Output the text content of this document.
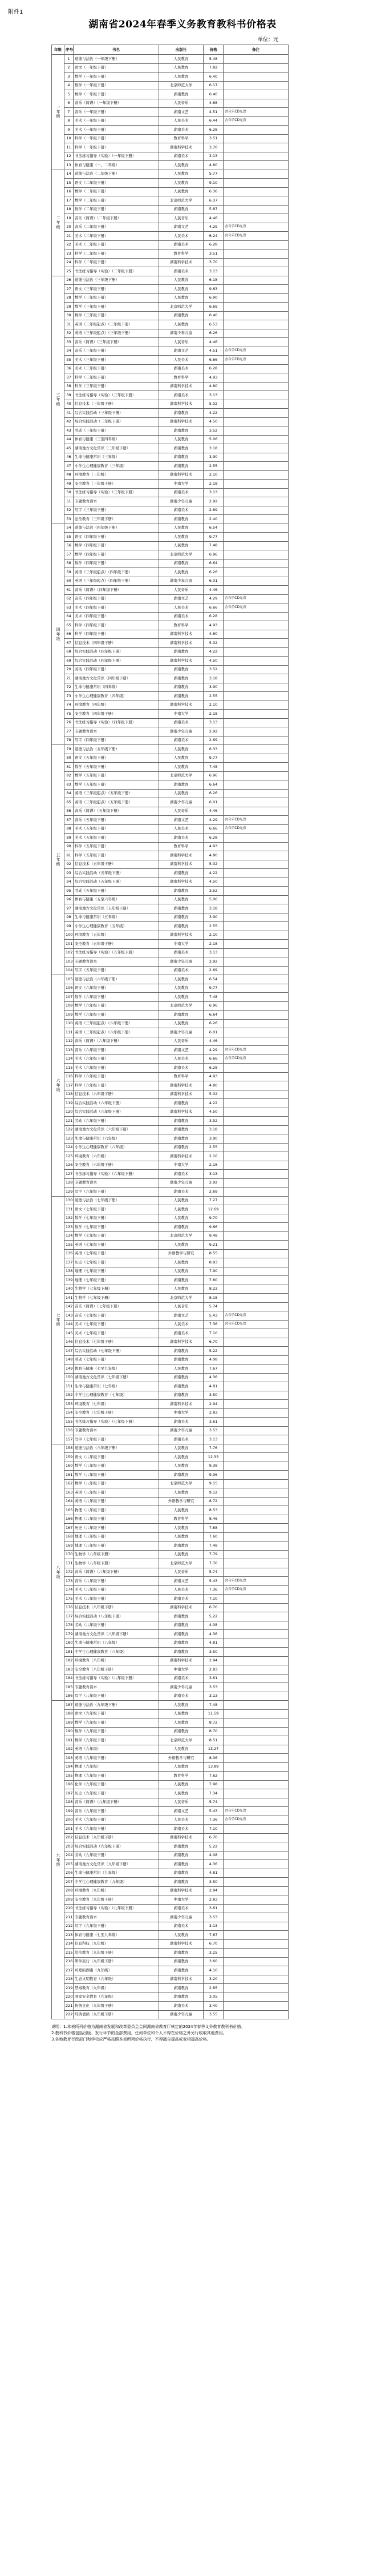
附件1
湖南省2024年春季义务教育教科书价格表
单位：元
年级	序号	书名	出版社	价格	备注
一年级	1	道德与法治（一年级下册）	人民教育	5.48	
	2	语文（一年级下册）	人民教育	7.82	
	3	数学（一年级下册）	人民教育	6.40	
	4	数学（一年级下册）	北京师范大学	6.17	
	5	数学（一年级下册）	湖南教育	6.40	
	6	音乐（简谱）（一年级下册）	人民音乐	4.68	
	7	音乐（一年级下册）	湖南文艺	4.51	含音乐CD光盘
	8	美术（一年级下册）	人民美术	6.44	含音乐CD光盘
	9	美术（一年级下册）	湖南美术	6.28	
	10	科学（一年级下册）	教育科学	3.51	
	11	科学（一年级下册）	湖南科学技术	3.70	
	12	书法练习指导（实验）（一年级下册）	湖南美术	3.13	
	13	体育与健康（一、二年级）	人民教育	4.60	
二年级	14	道德与法治（二年级下册）	人民教育	5.77	
	15	语文（二年级下册）	人民教育	9.10	
	16	数学（二年级下册）	人民教育	6.36	
	17	数学（二年级下册）	北京师范大学	6.37	
	18	数学（二年级下册）	湖南教育	5.87	
	19	音乐（简谱）（二年级下册）	人民音乐	4.46	
	20	音乐（二年级下册）	湖南文艺	4.29	含音乐CD光盘
	21	美术（二年级下册）	人民美术	6.24	含音乐CD光盘
	22	美术（二年级下册）	湖南美术	6.28	
	23	科学（二年级下册）	教育科学	3.51	
	24	科学（二年级下册）	湖南科学技术	3.70	
	25	书法练习指导（实验）（二年级下册）	湖南美术	3.13	
三年级	26	道德与法治（三年级下册）	人民教育	6.18	
	27	语文（三年级下册）	人民教育	9.63	
	28	数学（三年级下册）	人民教育	6.90	
	29	数学（三年级下册）	北京师范大学	6.69	
	30	数学（三年级下册）	湖南教育	6.40	
	31	英语（三年级起点）（三年级下册）	人民教育	6.53	
	32	英语（三年级起点）（三年级下册）	湖南少年儿童	6.26	
	33	音乐（简谱）（三年级下册）	人民音乐	4.46	
	34	音乐（三年级下册）	湖南文艺	4.51	含音乐CD光盘
	35	美术（三年级下册）	人民美术	6.66	含音乐CD光盘
	36	美术（三年级下册）	湖南美术	6.28	
	37	科学（三年级下册）	教育科学	4.93	
	38	科学（三年级下册）	湖南科学技术	4.80	
	39	书法练习指导（实验）（三年级下册）	湖南美术	3.13	
	40	信息技术（三年级下册）	湖南科学技术	5.02	
	41	综合实践活动（三年级下册）	湖南教育	4.22	
	42	综合实践活动（三年级下册）	湖南科学技术	4.50	
	43	劳动（三年级下册）	湖南教育	3.52	
	44	体育与健康（三至四年级）	人民教育	5.06	
	45	湖南地方文化常识（三年级下册）	湖南教育	3.18	
	46	生命与健康常识（三年级）	湖南教育	3.90	
	47	小学生心理健康教育（三年级）	湖南教育	2.55	
	48	环境教育（三年级）	湖南科学技术	2.10	
	49	安全教育（三年级下册）	中南大学	2.18	
	50	书法练习指导（实验）（三年级下册）	湖南美术	3.13	
	51	专题教育读本	湖南少年儿童	2.92	
	52	写字（三年级下册）	湖南美术	2.69	
	53	法治教育（三年级下册）	湖南教育	2.40	
四年级	54	道德与法治（四年级下册）	人民教育	6.54	
	55	语文（四年级下册）	人民教育	9.77	
	56	数学（四年级下册）	人民教育	7.48	
	57	数学（四年级下册）	北京师范大学	6.96	
	58	数学（四年级下册）	湖南教育	6.64	
	59	英语（三年级起点）（四年级下册）	人民教育	6.26	
	60	英语（三年级起点）（四年级下册）	湖南少年儿童	6.01	
	61	音乐（简谱）（四年级下册）	人民音乐	4.46	
	62	音乐（四年级下册）	湖南文艺	4.29	含音乐CD光盘
	63	美术（四年级下册）	人民美术	6.66	含音乐CD光盘
	64	美术（四年级下册）	湖南美术	6.28	
	65	科学（四年级下册）	教育科学	4.93	
	66	科学（四年级下册）	湖南科学技术	4.80	
	67	信息技术（四年级下册）	湖南科学技术	5.02	
	68	综合实践活动（四年级下册）	湖南教育	4.22	
	69	综合实践活动（四年级下册）	湖南科学技术	4.50	
	70	劳动（四年级下册）	湖南教育	3.52	
	71	湖南地方文化常识（四年级下册）	湖南教育	3.18	
	72	生命与健康常识（四年级）	湖南教育	3.90	
	73	小学生心理健康教育（四年级）	湖南教育	2.55	
	74	环境教育（四年级）	湖南科学技术	2.10	
	75	安全教育（四年级下册）	中南大学	2.18	
	76	书法练习指导（实验）（四年级下册）	湖南美术	3.13	
	77	专题教育读本	湖南少年儿童	2.92	
	78	写字（四年级下册）	湖南美术	2.69	
五年级	79	道德与法治（五年级下册）	人民教育	6.33	
	80	语文（五年级下册）	人民教育	9.77	
	81	数学（五年级下册）	人民教育	7.48	
	82	数学（五年级下册）	北京师范大学	6.96	
	83	数学（五年级下册）	湖南教育	6.64	
	84	英语（三年级起点）（五年级下册）	人民教育	6.26	
	85	英语（三年级起点）（五年级下册）	湖南少年儿童	6.01	
	86	音乐（简谱）（五年级下册）	人民音乐	4.46	
	87	音乐（五年级下册）	湖南文艺	4.29	含音乐CD光盘
	88	美术（五年级下册）	人民美术	6.66	含音乐CD光盘
	89	美术（五年级下册）	湖南美术	6.28	
	90	科学（五年级下册）	教育科学	4.93	
	91	科学（五年级下册）	湖南科学技术	4.80	
	92	信息技术（五年级下册）	湖南科学技术	5.02	
	93	综合实践活动（五年级下册）	湖南教育	4.22	
	94	综合实践活动（五年级下册）	湖南科学技术	4.50	
	95	劳动（五年级下册）	湖南教育	3.52	
	96	体育与健康（五至六年级）	人民教育	5.06	
	97	湖南地方文化常识（五年级下册）	湖南教育	3.18	
	98	生命与健康常识（五年级）	湖南教育	3.90	
	99	小学生心理健康教育（五年级）	湖南教育	2.55	
	100	环境教育（五年级）	湖南科学技术	2.10	
	101	安全教育（五年级下册）	中南大学	2.18	
	102	书法练习指导（实验）（五年级下册）	湖南美术	3.13	
	103	专题教育读本	湖南少年儿童	2.92	
	104	写字（五年级下册）	湖南美术	2.69	
六年级	105	道德与法治（六年级下册）	人民教育	6.54	
	106	语文（六年级下册）	人民教育	9.77	
	107	数学（六年级下册）	人民教育	7.48	
	108	数学（六年级下册）	北京师范大学	6.96	
	109	数学（六年级下册）	湖南教育	6.64	
	110	英语（三年级起点）（六年级下册）	人民教育	6.26	
	111	英语（三年级起点）（六年级下册）	湖南少年儿童	6.01	
	112	音乐（简谱）（六年级下册）	人民音乐	4.46	
	113	音乐（六年级下册）	湖南文艺	4.29	含音乐CD光盘
	114	美术（六年级下册）	人民美术	6.66	含音乐CD光盘
	115	美术（六年级下册）	湖南美术	6.28	
	116	科学（六年级下册）	教育科学	4.93	
	117	科学（六年级下册）	湖南科学技术	4.80	
	118	信息技术（六年级下册）	湖南科学技术	5.02	
	119	综合实践活动（六年级下册）	湖南教育	4.22	
	120	综合实践活动（六年级下册）	湖南科学技术	4.50	
	121	劳动（六年级下册）	湖南教育	3.52	
	122	湖南地方文化常识（六年级下册）	湖南教育	3.18	
	123	生命与健康常识（六年级）	湖南教育	3.90	
	124	小学生心理健康教育（六年级）	湖南教育	2.55	
	125	环境教育（六年级）	湖南科学技术	2.10	
	126	安全教育（六年级下册）	中南大学	2.18	
	127	书法练习指导（实验）（六年级下册）	湖南美术	3.13	
	128	专题教育读本	湖南少年儿童	2.92	
	129	写字（六年级下册）	湖南美术	2.69	
七年级	130	道德与法治（七年级下册）	人民教育	7.27	
	131	语文（七年级下册）	人民教育	12.69	
	132	数学（七年级下册）	人民教育	9.70	
	133	数学（七年级下册）	湖南教育	9.66	
	134	数学（七年级下册）	北京师范大学	9.48	
	135	英语（七年级下册）	人民教育	9.21	
	136	英语（七年级下册）	外语教学与研究	8.55	
	137	历史（七年级下册）	人民教育	8.93	
	138	地理（七年级下册）	人民教育	7.90	
	139	地理（七年级下册）	湖南教育	7.80	
	140	生物学（七年级下册）	人民教育	8.23	
	141	生物学（七年级下册）	北京师范大学	8.18	
	142	音乐（简谱）（七年级下册）	人民音乐	5.74	
	143	音乐（七年级下册）	湖南文艺	5.43	含音乐CD光盘
	144	美术（七年级下册）	人民美术	7.36	含音乐CD光盘
	145	美术（七年级下册）	湖南美术	7.10	
	146	信息技术（七年级下册）	湖南科学技术	6.70	
	147	综合实践活动（七年级下册）	湖南教育	5.22	
	148	劳动（七年级下册）	湖南教育	4.08	
	149	体育与健康（七至九年级）	人民教育	7.67	
	150	湖南地方文化常识（七年级下册）	湖南教育	4.36	
	151	生命与健康常识（七年级）	湖南教育	4.81	
	152	中学生心理健康教育（七年级）	湖南教育	3.50	
	153	环境教育（七年级）	湖南科学技术	2.94	
	154	安全教育（七年级下册）	中南大学	2.83	
	155	书法练习指导（实验）（七年级下册）	湖南美术	3.61	
	156	专题教育读本	湖南少年儿童	3.53	
	157	写字（七年级下册）	湖南美术	3.13	
八年级	158	道德与法治（八年级下册）	人民教育	7.76	
	159	语文（八年级下册）	人民教育	12.33	
	160	数学（八年级下册）	人民教育	9.38	
	161	数学（八年级下册）	湖南教育	9.36	
	162	数学（八年级下册）	北京师范大学	9.15	
	163	英语（八年级下册）	人民教育	9.12	
	164	英语（八年级下册）	外语教学与研究	8.72	
	165	物理（八年级下册）	人民教育	8.53	
	166	物理（八年级下册）	教育科学	8.46	
	167	历史（八年级下册）	人民教育	7.88	
	168	地理（八年级下册）	人民教育	7.60	
	169	地理（八年级下册）	湖南教育	7.48	
	170	生物学（八年级下册）	人民教育	7.79	
	171	生物学（八年级下册）	北京师范大学	7.70	
	172	音乐（简谱）（八年级下册）	人民音乐	5.74	
	173	音乐（八年级下册）	湖南文艺	5.43	含音乐CD光盘
	174	美术（八年级下册）	人民美术	7.36	含音乐CD光盘
	175	美术（八年级下册）	湖南美术	7.10	
	176	信息技术（八年级下册）	湖南科学技术	6.70	
	177	综合实践活动（八年级下册）	湖南教育	5.22	
	178	劳动（八年级下册）	湖南教育	4.08	
	179	湖南地方文化常识（八年级下册）	湖南教育	4.36	
	180	生命与健康常识（八年级）	湖南教育	4.81	
	181	中学生心理健康教育（八年级）	湖南教育	3.50	
	182	环境教育（八年级）	湖南科学技术	2.94	
	183	安全教育（八年级下册）	中南大学	2.83	
	184	书法练习指导（实验）（八年级下册）	湖南美术	3.61	
	185	专题教育读本	湖南少年儿童	3.53	
	186	写字（八年级下册）	湖南美术	3.13	
九年级	187	道德与法治（九年级下册）	人民教育	7.48	
	188	语文（九年级下册）	人民教育	11.59	
	189	数学（九年级下册）	人民教育	8.72	
	190	数学（九年级下册）	湖南教育	8.70	
	191	数学（九年级下册）	北京师范大学	8.51	
	192	英语（九年级）	人民教育	13.27	
	193	英语（九年级下册）	外语教学与研究	8.06	
	194	物理（九年级）	人民教育	13.89	
	195	物理（九年级下册）	教育科学	7.62	
	196	化学（九年级下册）	人民教育	7.98	
	197	历史（九年级下册）	人民教育	7.34	
	198	音乐（简谱）（九年级下册）	人民音乐	5.74	
	199	音乐（九年级下册）	湖南文艺	5.43	含音乐CD光盘
	200	美术（九年级下册）	人民美术	7.36	含音乐CD光盘
	201	美术（九年级下册）	湖南美术	7.10	
	202	信息技术（九年级下册）	湖南科学技术	6.70	
	203	综合实践活动（九年级下册）	湖南教育	5.22	
	204	劳动（九年级下册）	湖南教育	4.08	
	205	湖南地方文化常识（九年级下册）	湖南教育	4.36	
	206	生命与健康常识（九年级）	湖南教育	4.81	
	207	中学生心理健康教育（九年级）	湖南教育	3.50	
	208	环境教育（九年级）	湖南科学技术	2.94	
	209	安全教育（九年级下册）	中南大学	2.83	
	210	书法练习指导（实验）（九年级下册）	湖南美术	3.61	
	211	专题教育读本	湖南少年儿童	3.53	
	212	写字（九年级下册）	湖南美术	3.13	
	213	体育与健康（七至九年级）	人民教育	7.67	
	214	信息科技（九年级）	湖南科学技术	6.70	
	215	法治教育（九年级下册）	湖南教育	3.25	
	216	研学旅行（九年级下册）	湖南教育	3.60	
	217	可爱的湖南（九年级）	湖南教育	4.10	
	218	生态文明教育（九年级）	湖南科学技术	3.20	
	219	禁毒教育（九年级）	湖南教育	2.85	
	220	国家安全教育（九年级）	湖南教育	3.05	
	221	传统文化（九年级下册）	湖南美术	3.40	
	222	经典诵读（九年级下册）	湖南少年儿童	3.55	
说明：1.本表所列价格为湖南省发展和改革委员会会同湖南省教育厅核定的2024年春季义务教育教科书价格。
2.教科书价格包括出版、发行环节的全部费用，任何单位和个人不得在价格之外另行收取其他费用。
3.各地教育行政部门和学校应严格按照本表所列价格执行，不得擅自提高或变相提高价格。
